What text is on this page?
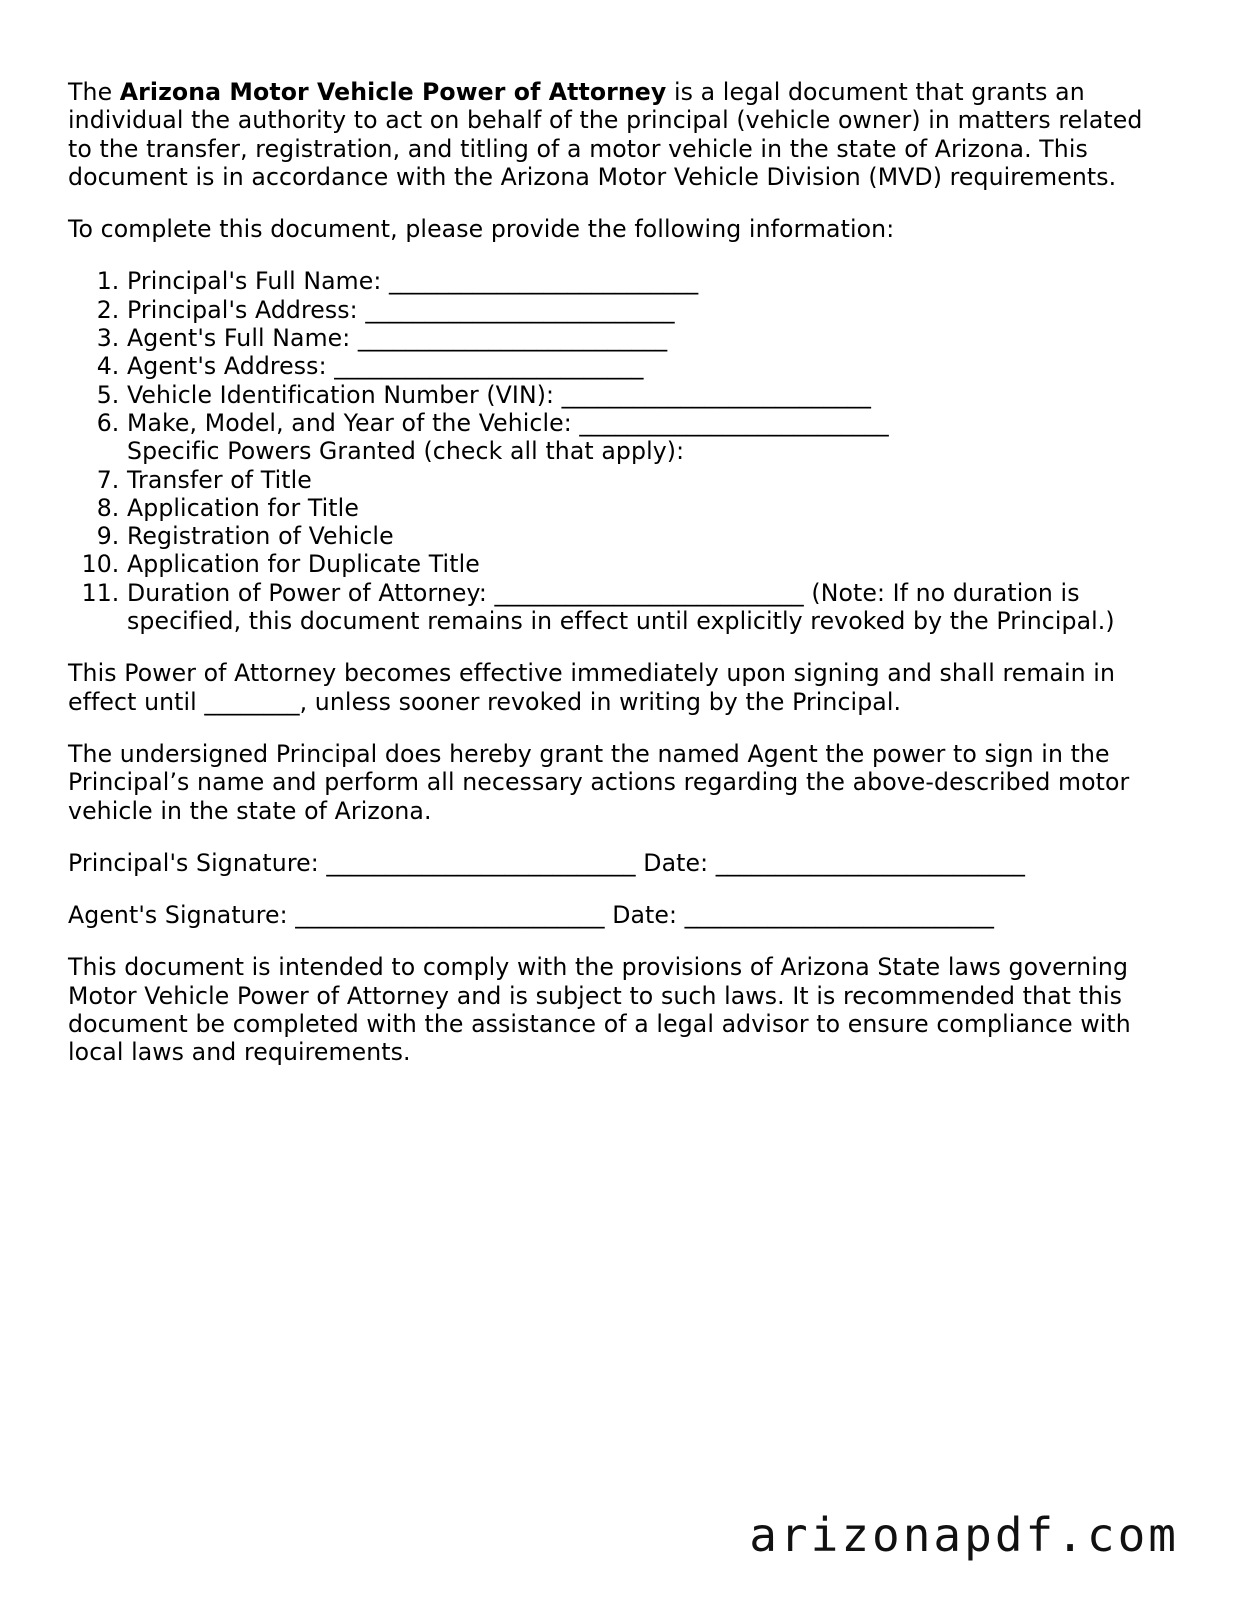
The Arizona Motor Vehicle Power of Attorney is a legal document that grants an individual the authority to act on behalf of the principal (vehicle owner) in matters related to the transfer, registration, and titling of a motor vehicle in the state of Arizona. This document is in accordance with the Arizona Motor Vehicle Division (MVD) requirements.

To complete this document, please provide the following information:

1. Principal's Full Name: __________________________
2. Principal's Address: __________________________
3. Agent's Full Name: __________________________
4. Agent's Address: __________________________
5. Vehicle Identification Number (VIN): __________________________
6. Make, Model, and Year of the Vehicle: __________________________
Specific Powers Granted (check all that apply):
7. Transfer of Title
8. Application for Title
9. Registration of Vehicle
10. Application for Duplicate Title
11. Duration of Power of Attorney: __________________________ (Note: If no duration is specified, this document remains in effect until explicitly revoked by the Principal.)

This Power of Attorney becomes effective immediately upon signing and shall remain in effect until ________, unless sooner revoked in writing by the Principal.

The undersigned Principal does hereby grant the named Agent the power to sign in the Principal’s name and perform all necessary actions regarding the above-described motor vehicle in the state of Arizona.

Principal's Signature: __________________________ Date: __________________________

Agent's Signature: __________________________ Date: __________________________

This document is intended to comply with the provisions of Arizona State laws governing Motor Vehicle Power of Attorney and is subject to such laws. It is recommended that this document be completed with the assistance of a legal advisor to ensure compliance with local laws and requirements.

arizonapdf.com
